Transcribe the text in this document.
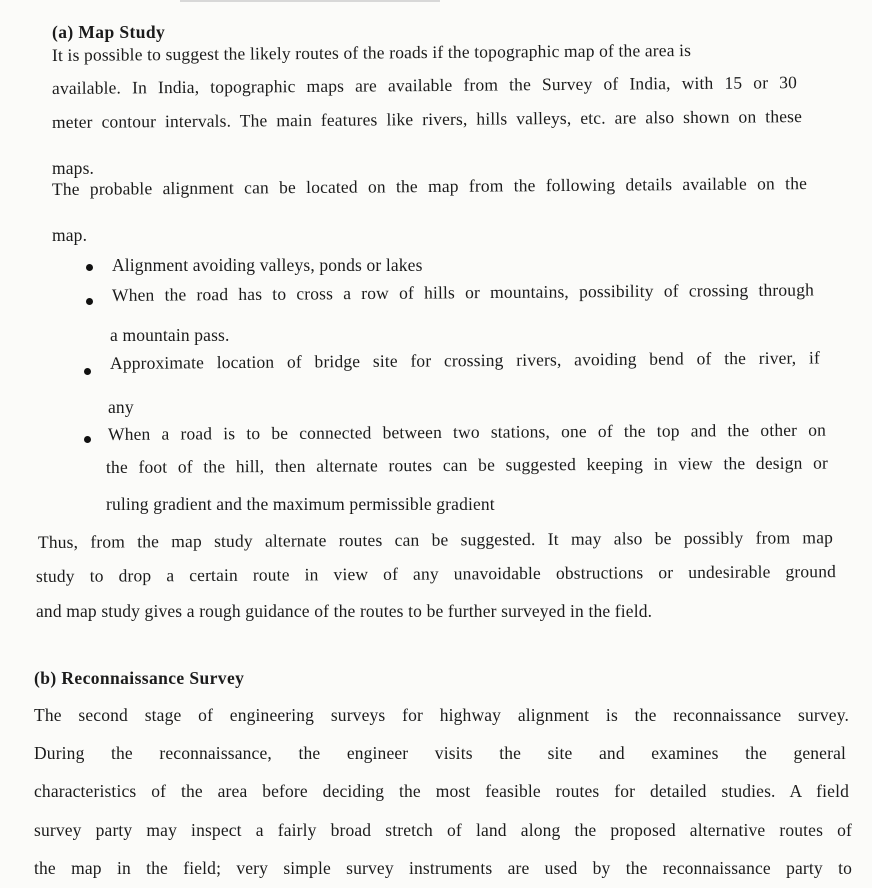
(a) Map Study
It is possible to suggest the likely routes of the roads if the topographic map of the area is
available. In India, topographic maps are available from the Survey of India, with 15 or 30
meter contour intervals. The main features like rivers, hills valleys, etc. are also shown on these
maps.
The probable alignment can be located on the map from the following details available on the
map.
Alignment avoiding valleys, ponds or lakes
When the road has to cross a row of hills or mountains, possibility of crossing through
a mountain pass.
Approximate location of bridge site for crossing rivers, avoiding bend of the river, if
any
When a road is to be connected between two stations, one of the top and the other on
the foot of the hill, then alternate routes can be suggested keeping in view the design or
ruling gradient and the maximum permissible gradient
Thus, from the map study alternate routes can be suggested. It may also be possibly from map
study to drop a certain route in view of any unavoidable obstructions or undesirable ground
and map study gives a rough guidance of the routes to be further surveyed in the field.
(b) Reconnaissance Survey
The second stage of engineering surveys for highway alignment is the reconnaissance survey.
During the reconnaissance, the engineer visits the site and examines the general
characteristics of the area before deciding the most feasible routes for detailed studies. A field
survey party may inspect a fairly broad stretch of land along the proposed alternative routes of
the map in the field; very simple survey instruments are used by the reconnaissance party to
